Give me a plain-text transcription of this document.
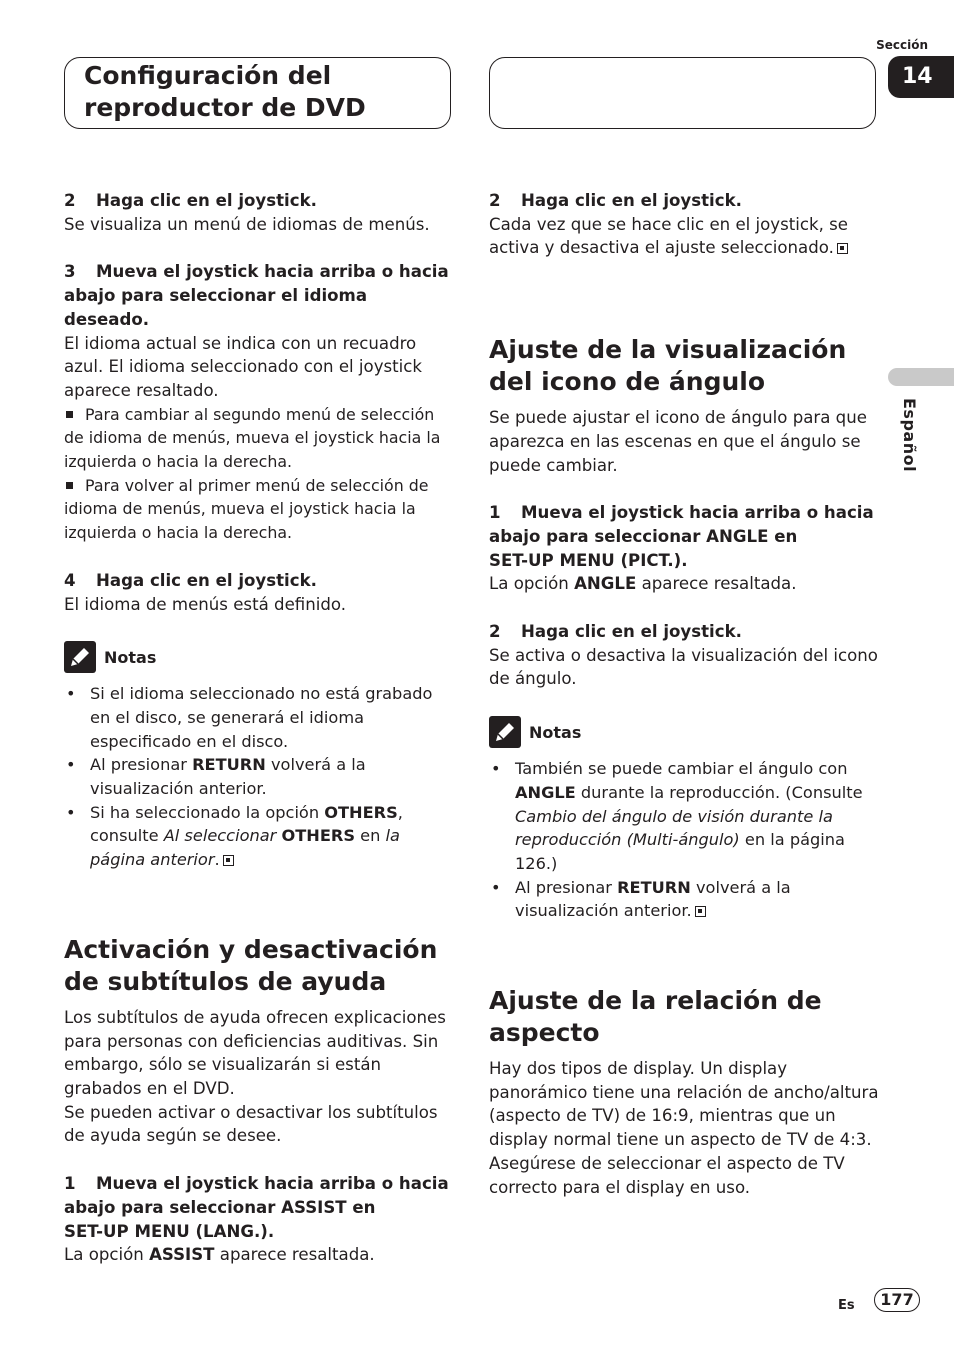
Configuración del
reproductor de DVD
Sección
14
Español

2 Haga clic en el joystick.

Se visualiza un menú de idiomas de menús.

3 Mueva el joystick hacia arriba o hacia abajo para seleccionar el idioma deseado.

El idioma actual se indica con un recuadro azul. El idioma seleccionado con el joystick aparece resaltado.

Para cambiar al segundo menú de selección de idioma de menús, mueva el joystick hacia la izquierda o hacia la derecha.

Para volver al primer menú de selección de idioma de menús, mueva el joystick hacia la izquierda o hacia la derecha.

4 Haga clic en el joystick.

El idioma de menús está definido.

Notas

• Si el idioma seleccionado no está grabado en el disco, se generará el idioma especificado en el disco.

• Al presionar RETURN volverá a la visualización anterior.

• Si ha seleccionado la opción OTHERS, consulte Al seleccionar OTHERS en la página anterior.

Activación y desactivación de subtítulos de ayuda

Los subtítulos de ayuda ofrecen explicaciones para personas con deficiencias auditivas. Sin embargo, sólo se visualizarán si están grabados en el DVD.

Se pueden activar o desactivar los subtítulos de ayuda según se desee.

1 Mueva el joystick hacia arriba o hacia abajo para seleccionar ASSIST en

SET-UP MENU (LANG.).

La opción ASSIST aparece resaltada.

2 Haga clic en el joystick.

Cada vez que se hace clic en el joystick, se activa y desactiva el ajuste seleccionado.

Ajuste de la visualización del icono de ángulo

Se puede ajustar el icono de ángulo para que aparezca en las escenas en que el ángulo se puede cambiar.

1 Mueva el joystick hacia arriba o hacia abajo para seleccionar ANGLE en

SET-UP MENU (PICT.).

La opción ANGLE aparece resaltada.

2 Haga clic en el joystick.

Se activa o desactiva la visualización del icono de ángulo.

Notas

• También se puede cambiar el ángulo con ANGLE durante la reproducción. (Consulte Cambio del ángulo de visión durante la reproducción (Multi-ángulo) en la página 126.)

• Al presionar RETURN volverá a la visualización anterior.

Ajuste de la relación de aspecto

Hay dos tipos de display. Un display panorámico tiene una relación de ancho/altura (aspecto de TV) de 16:9, mientras que un display normal tiene un aspecto de TV de 4:3. Asegúrese de seleccionar el aspecto de TV correcto para el display en uso.

Es	177
